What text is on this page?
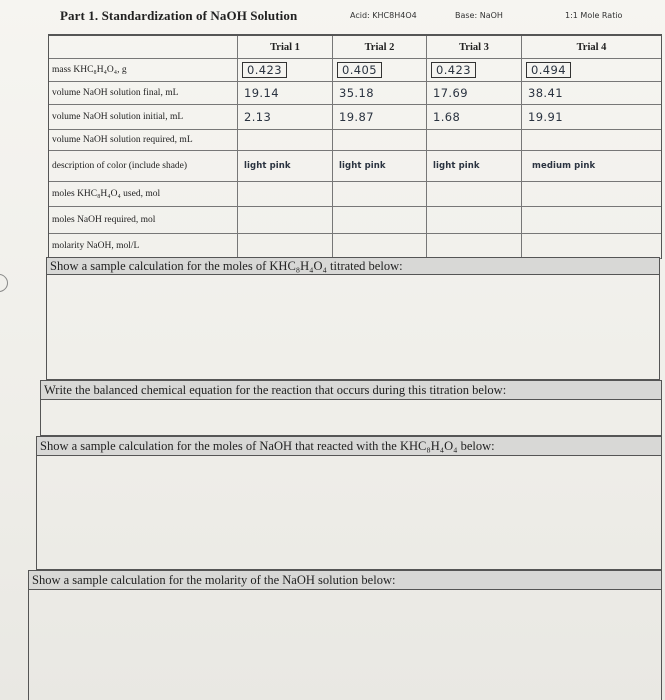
Part 1. Standardization of NaOH Solution	Acid: KHC8H4O4	Base: NaOH	1:1 Mole Ratio
Trial 1	Trial 2	Trial 3	Trial 4
mass KHC₈H₄O₄, g	0.423	0.405	0.423	0.494
volume NaOH solution final, mL	19.14	35.18	17.69	38.41
volume NaOH solution initial, mL	2.13	19.87	1.68	19.91
volume NaOH solution required, mL
description of color (include shade)	light pink	light pink	light pink	medium pink
moles KHC₈H₄O₄ used, mol
moles NaOH required, mol
molarity NaOH, mol/L
Show a sample calculation for the moles of KHC₈H₄O₄ titrated below:
Write the balanced chemical equation for the reaction that occurs during this titration below:
Show a sample calculation for the moles of NaOH that reacted with the KHC₈H₄O₄ below:
Show a sample calculation for the molarity of the NaOH solution below:
